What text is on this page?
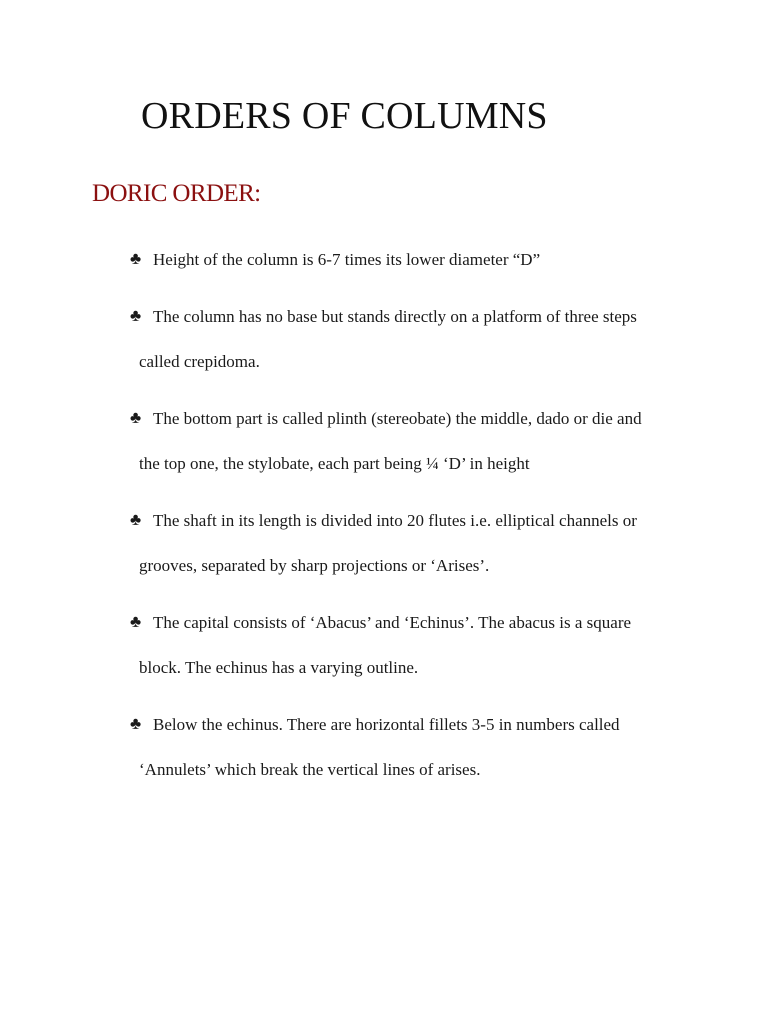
ORDERS OF COLUMNS
DORIC ORDER:
♣ Height of the column is 6-7 times its lower diameter “D”
♣ The column has no base but stands directly on a platform of three steps
called crepidoma.
♣ The bottom part is called plinth (stereobate) the middle, dado or die and
the top one, the stylobate, each part being ¼ ‘D’ in height
♣ The shaft in its length is divided into 20 flutes i.e. elliptical channels or
grooves, separated by sharp projections or ‘Arises’.
♣ The capital consists of ‘Abacus’ and ‘Echinus’. The abacus is a square
block. The echinus has a varying outline.
♣ Below the echinus. There are horizontal fillets 3-5 in numbers called
‘Annulets’ which break the vertical lines of arises.
